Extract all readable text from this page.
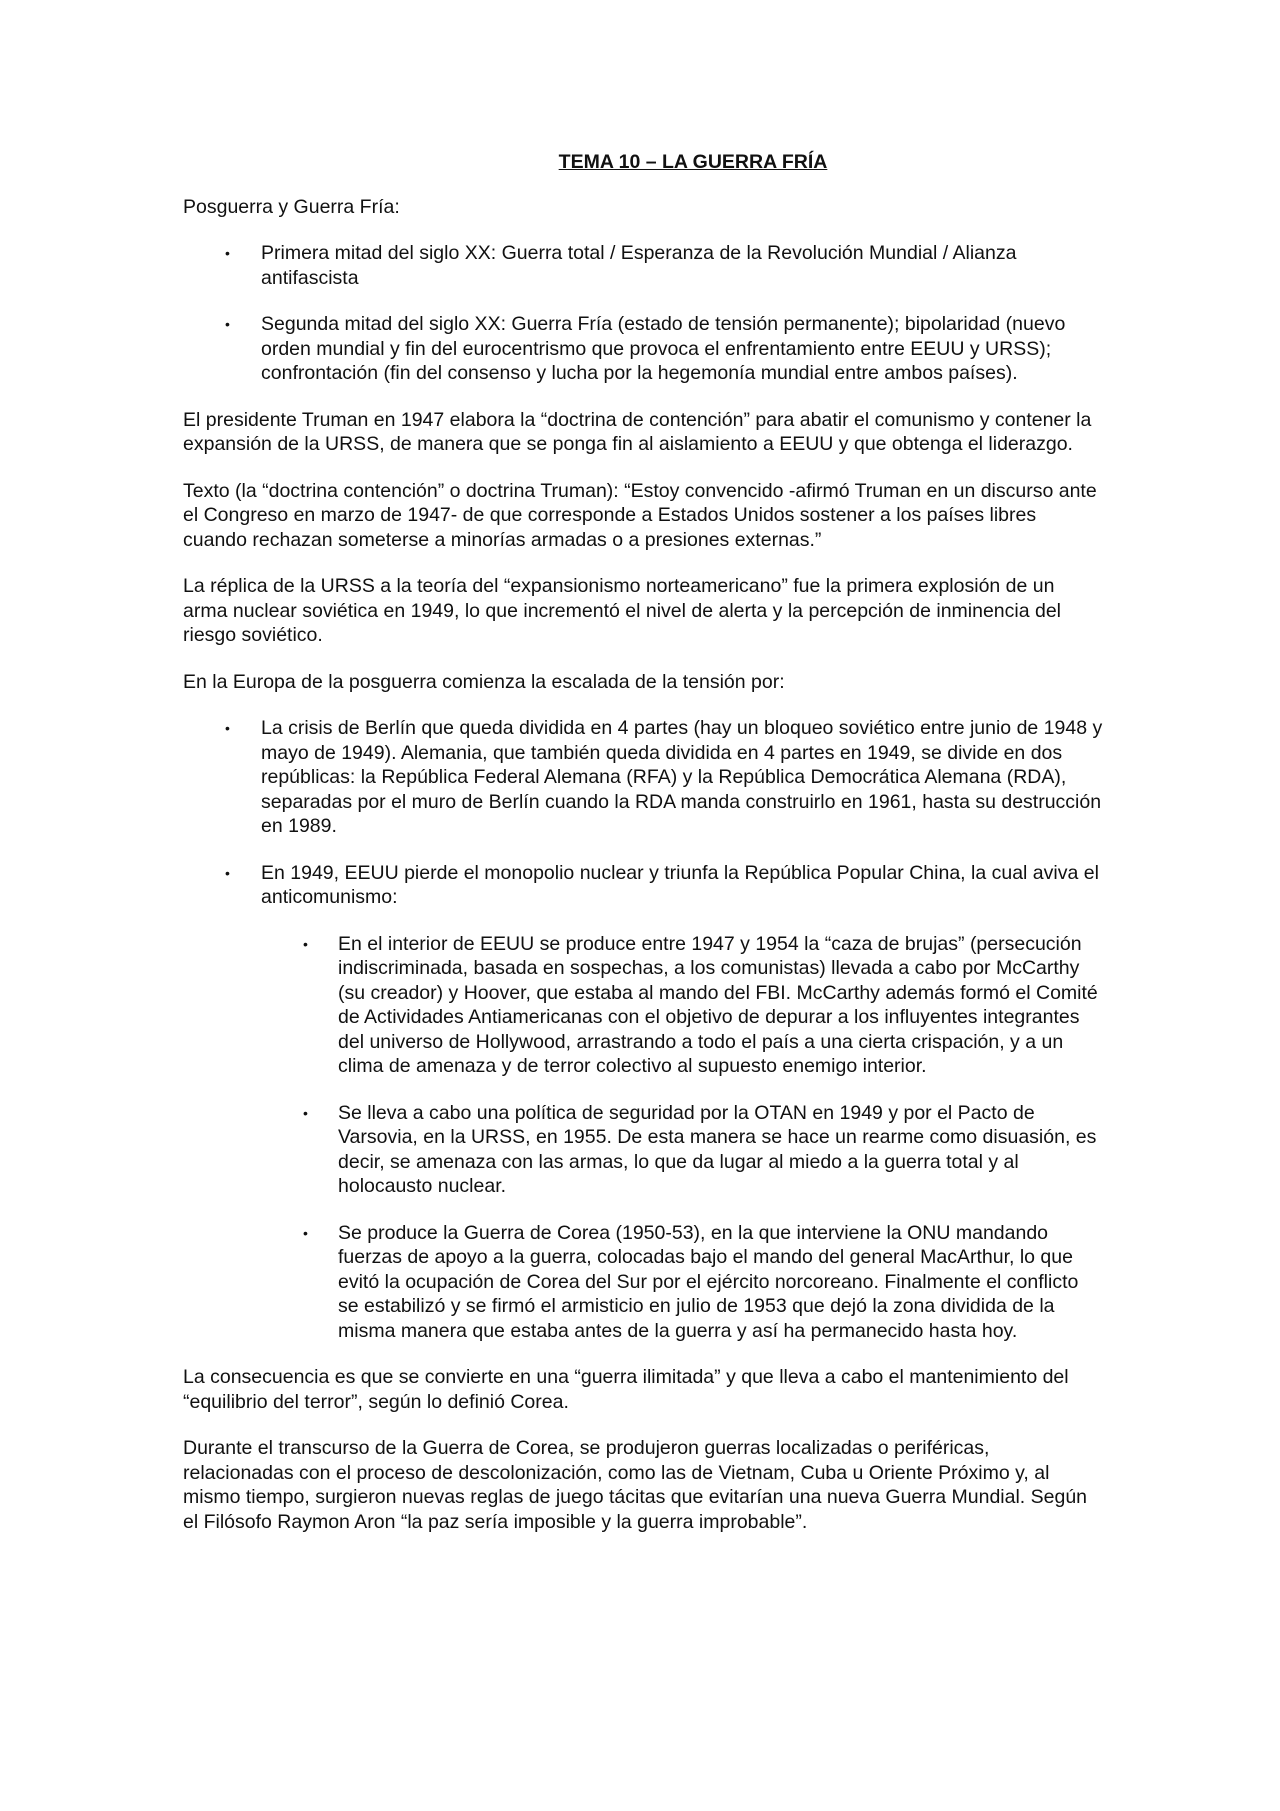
TEMA 10 – LA GUERRA FRÍA

Posguerra y Guerra Fría:

• Primera mitad del siglo XX: Guerra total / Esperanza de la Revolución Mundial / Alianza antifascista
• Segunda mitad del siglo XX: Guerra Fría (estado de tensión permanente); bipolaridad (nuevo orden mundial y fin del eurocentrismo que provoca el enfrentamiento entre EEUU y URSS); confrontación (fin del consenso y lucha por la hegemonía mundial entre ambos países).

El presidente Truman en 1947 elabora la “doctrina de contención” para abatir el comunismo y contener la expansión de la URSS, de manera que se ponga fin al aislamiento a EEUU y que obtenga el liderazgo.

Texto (la “doctrina contención” o doctrina Truman): “Estoy convencido -afirmó Truman en un discurso ante el Congreso en marzo de 1947- de que corresponde a Estados Unidos sostener a los países libres cuando rechazan someterse a minorías armadas o a presiones externas.”

La réplica de la URSS a la teoría del “expansionismo norteamericano” fue la primera explosión de un arma nuclear soviética en 1949, lo que incrementó el nivel de alerta y la percepción de inminencia del riesgo soviético.

En la Europa de la posguerra comienza la escalada de la tensión por:

• La crisis de Berlín que queda dividida en 4 partes (hay un bloqueo soviético entre junio de 1948 y mayo de 1949). Alemania, que también queda dividida en 4 partes en 1949, se divide en dos repúblicas: la República Federal Alemana (RFA) y la República Democrática Alemana (RDA), separadas por el muro de Berlín cuando la RDA manda construirlo en 1961, hasta su destrucción en 1989.
• En 1949, EEUU pierde el monopolio nuclear y triunfa la República Popular China, la cual aviva el anticomunismo:
• En el interior de EEUU se produce entre 1947 y 1954 la “caza de brujas” (persecución indiscriminada, basada en sospechas, a los comunistas) llevada a cabo por McCarthy (su creador) y Hoover, que estaba al mando del FBI. McCarthy además formó el Comité de Actividades Antiamericanas con el objetivo de depurar a los influyentes integrantes del universo de Hollywood, arrastrando a todo el país a una cierta crispación, y a un clima de amenaza y de terror colectivo al supuesto enemigo interior.
• Se lleva a cabo una política de seguridad por la OTAN en 1949 y por el Pacto de Varsovia, en la URSS, en 1955. De esta manera se hace un rearme como disuasión, es decir, se amenaza con las armas, lo que da lugar al miedo a la guerra total y al holocausto nuclear.
• Se produce la Guerra de Corea (1950-53), en la que interviene la ONU mandando fuerzas de apoyo a la guerra, colocadas bajo el mando del general MacArthur, lo que evitó la ocupación de Corea del Sur por el ejército norcoreano. Finalmente el conflicto se estabilizó y se firmó el armisticio en julio de 1953 que dejó la zona dividida de la misma manera que estaba antes de la guerra y así ha permanecido hasta hoy.

La consecuencia es que se convierte en una “guerra ilimitada” y que lleva a cabo el mantenimiento del “equilibrio del terror”, según lo definió Corea.

Durante el transcurso de la Guerra de Corea, se produjeron guerras localizadas o periféricas, relacionadas con el proceso de descolonización, como las de Vietnam, Cuba u Oriente Próximo y, al mismo tiempo, surgieron nuevas reglas de juego tácitas que evitarían una nueva Guerra Mundial. Según el Filósofo Raymon Aron “la paz sería imposible y la guerra improbable”.
